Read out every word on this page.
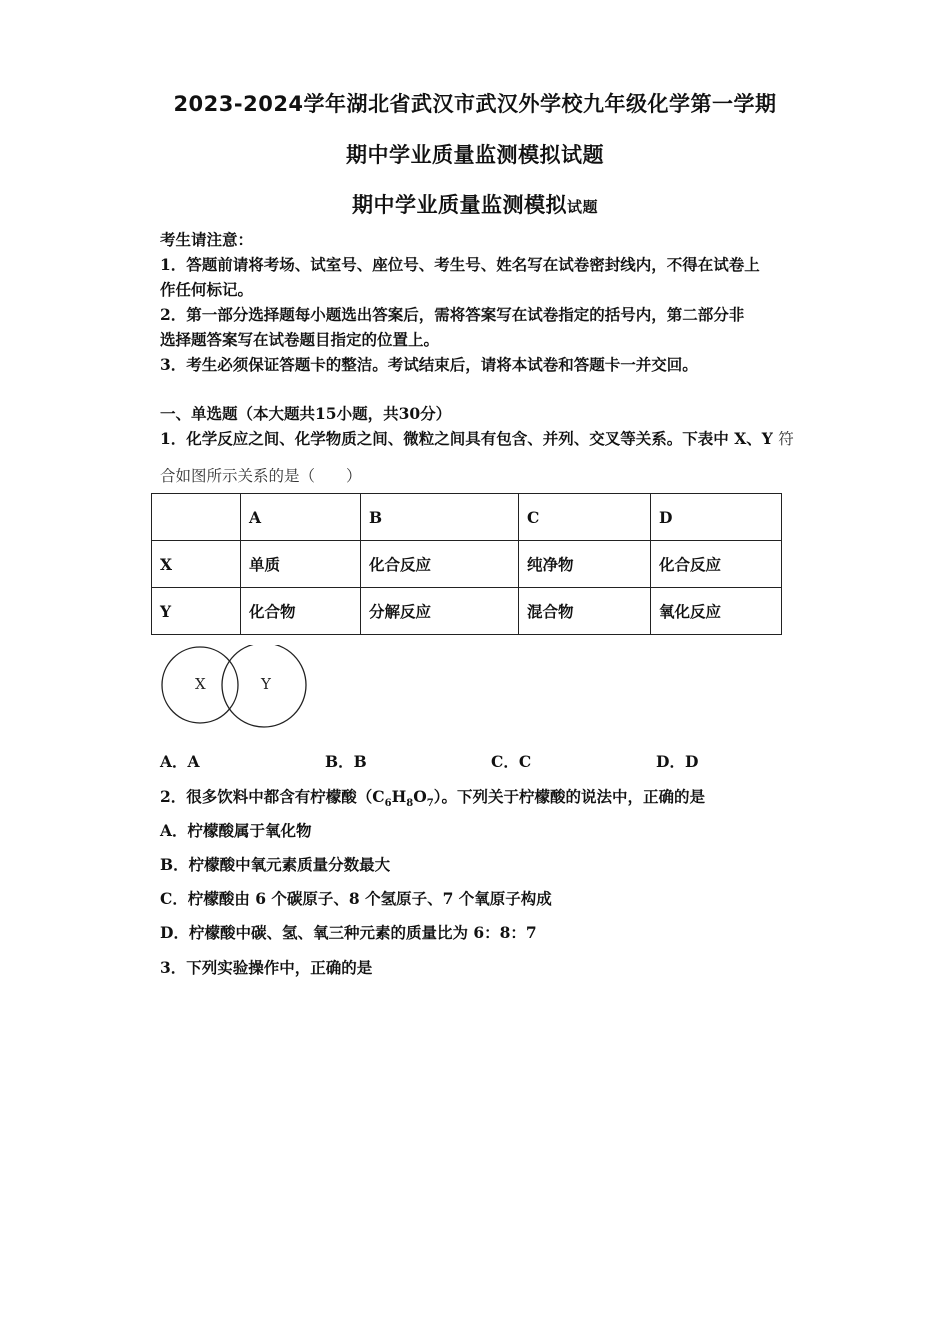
2023-2024学年湖北省武汉市武汉外学校九年级化学第一学期
期中学业质量监测模拟试题
期中学业质量监测模拟试题
考生请注意：
1．答题前请将考场、试室号、座位号、考生号、姓名写在试卷密封线内，不得在试卷上
作任何标记。
2．第一部分选择题每小题选出答案后，需将答案写在试卷指定的括号内，第二部分非
选择题答案写在试卷题目指定的位置上。
3．考生必须保证答题卡的整洁。考试结束后，请将本试卷和答题卡一并交回。
一、单选题（本大题共15小题，共30分）
1．化学反应之间、化学物质之间、微粒之间具有包含、并列、交叉等关系。下表中 X、Y 符
合如图所示关系的是（　　）
	A	B	C	D
X	单质	化合反应	纯净物	化合反应
Y	化合物	分解反应	混合物	氧化反应
X	Y
A．A	B．B	C．C	D．D
2．很多饮料中都含有柠檬酸$(C_6H_8O_7)$。下列关于柠檬酸的说法中，正确的是
A．柠檬酸属于氧化物
B．柠檬酸中氧元素质量分数最大
C．柠檬酸由 6 个碳原子、8 个氢原子、7 个氧原子构成
D．柠檬酸中碳、氢、氧三种元素的质量比为 6：8：7
3．下列实验操作中，正确的是
